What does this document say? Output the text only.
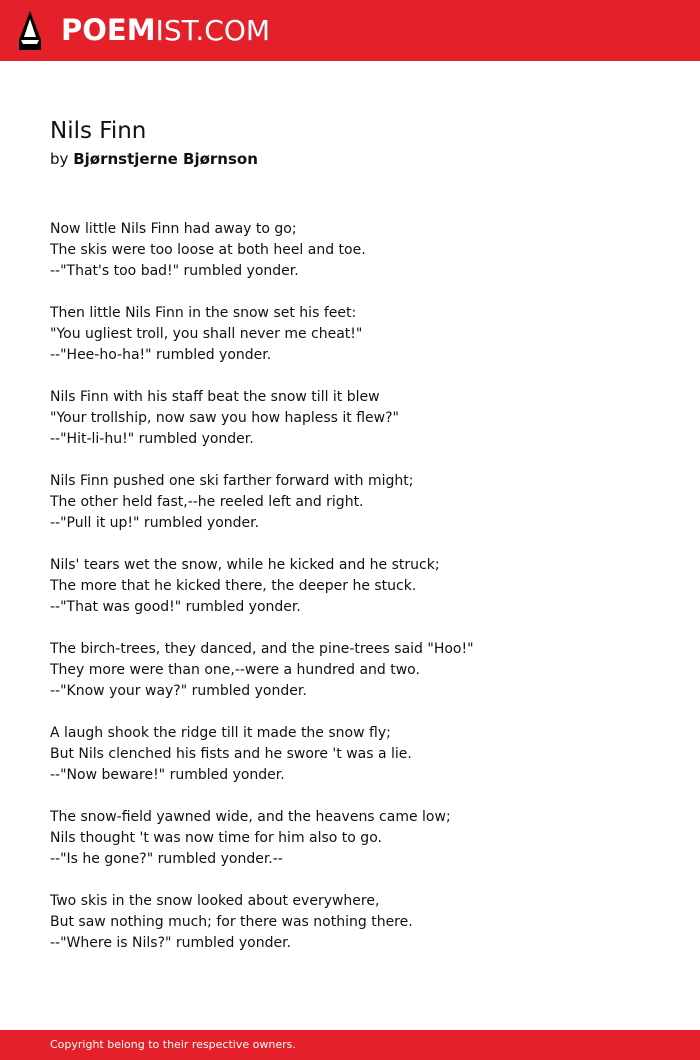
POEMIST.COM
Nils Finn
by Bjørnstjerne Bjørnson
Now little Nils Finn had away to go;
The skis were too loose at both heel and toe.
--"That's too bad!" rumbled yonder.
Then little Nils Finn in the snow set his feet:
"You ugliest troll, you shall never me cheat!"
--"Hee-ho-ha!" rumbled yonder.
Nils Finn with his staff beat the snow till it blew
"Your trollship, now saw you how hapless it flew?"
--"Hit-li-hu!" rumbled yonder.
Nils Finn pushed one ski farther forward with might;
The other held fast,--he reeled left and right.
--"Pull it up!" rumbled yonder.
Nils' tears wet the snow, while he kicked and he struck;
The more that he kicked there, the deeper he stuck.
--"That was good!" rumbled yonder.
The birch-trees, they danced, and the pine-trees said "Hoo!"
They more were than one,--were a hundred and two.
--"Know your way?" rumbled yonder.
A laugh shook the ridge till it made the snow fly;
But Nils clenched his fists and he swore 't was a lie.
--"Now beware!" rumbled yonder.
The snow-field yawned wide, and the heavens came low;
Nils thought 't was now time for him also to go.
--"Is he gone?" rumbled yonder.--
Two skis in the snow looked about everywhere,
But saw nothing much; for there was nothing there.
--"Where is Nils?" rumbled yonder.
Copyright belong to their respective owners.
